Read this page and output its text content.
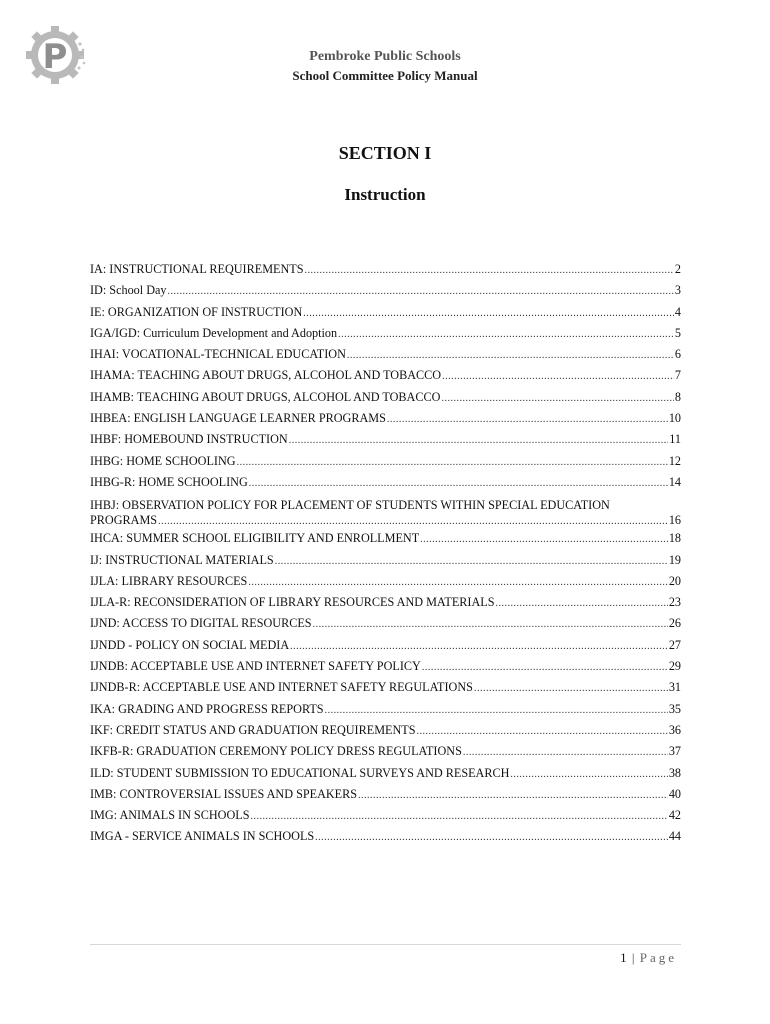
P	Pembroke Public Schools
School Committee Policy Manual
SECTION I
Instruction
IA: INSTRUCTIONAL REQUIREMENTS .....	2
ID: School Day .....	3
IE: ORGANIZATION OF INSTRUCTION .....	4
IGA/IGD: Curriculum Development and Adoption .....	5
IHAI: VOCATIONAL-TECHNICAL EDUCATION .....	6
IHAMA: TEACHING ABOUT DRUGS, ALCOHOL AND TOBACCO .....	7
IHAMB: TEACHING ABOUT DRUGS, ALCOHOL AND TOBACCO .....	8
IHBEA: ENGLISH LANGUAGE LEARNER PROGRAMS .....	10
IHBF: HOMEBOUND INSTRUCTION .....	11
IHBG: HOME SCHOOLING .....	12
IHBG-R: HOME SCHOOLING .....	14
IHBJ: OBSERVATION POLICY FOR PLACEMENT OF STUDENTS WITHIN SPECIAL EDUCATION
PROGRAMS .....	16
IHCA: SUMMER SCHOOL ELIGIBILITY AND ENROLLMENT .....	18
IJ: INSTRUCTIONAL MATERIALS .....	19
IJLA: LIBRARY RESOURCES .....	20
IJLA-R: RECONSIDERATION OF LIBRARY RESOURCES AND MATERIALS .....	23
IJND: ACCESS TO DIGITAL RESOURCES .....	26
IJNDD - POLICY ON SOCIAL MEDIA .....	27
IJNDB: ACCEPTABLE USE AND INTERNET SAFETY POLICY .....	29
IJNDB-R: ACCEPTABLE USE AND INTERNET SAFETY REGULATIONS .....	31
IKA: GRADING AND PROGRESS REPORTS .....	35
IKF: CREDIT STATUS AND GRADUATION REQUIREMENTS .....	36
IKFB-R: GRADUATION CEREMONY POLICY DRESS REGULATIONS .....	37
ILD: STUDENT SUBMISSION TO EDUCATIONAL SURVEYS AND RESEARCH .....	38
IMB: CONTROVERSIAL ISSUES AND SPEAKERS .....	40
IMG: ANIMALS IN SCHOOLS .....	42
IMGA - SERVICE ANIMALS IN SCHOOLS .....	44
1 | Page
